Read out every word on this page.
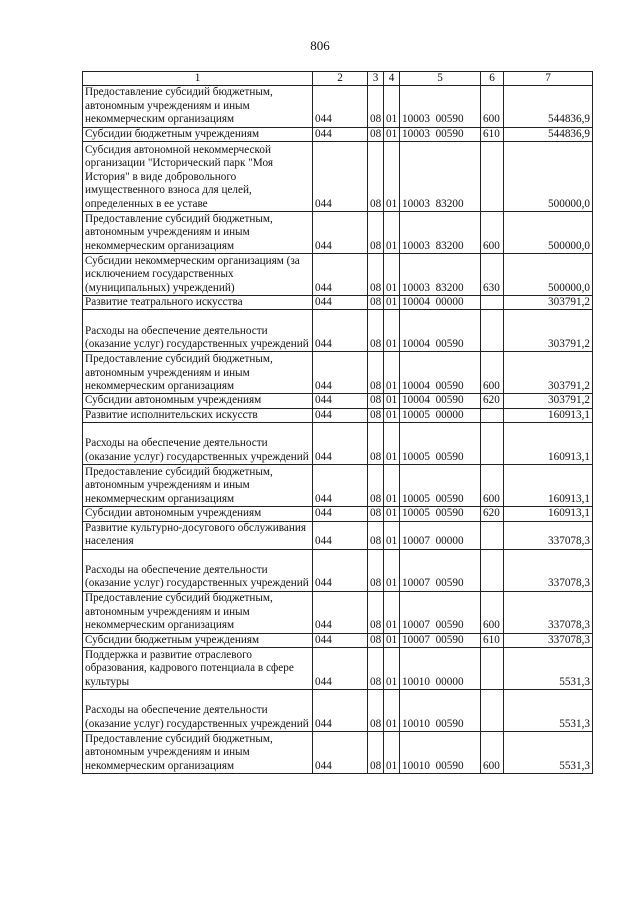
806
1	2	3	4	5	6	7
Предоставление субсидий бюджетным, автономным учреждениям и иным некоммерческим организациям	044	08	01	10003  00590	600	544836,9
Субсидии бюджетным учреждениям	044	08	01	10003  00590	610	544836,9
Субсидия автономной некоммерческой организации "Исторический парк "Моя История" в виде добровольного имущественного взноса для целей, определенных в ее уставе	044	08	01	10003  83200		500000,0
Предоставление субсидий бюджетным, автономным учреждениям и иным некоммерческим организациям	044	08	01	10003  83200	600	500000,0
Субсидии некоммерческим организациям (за исключением государственных (муниципальных) учреждений)	044	08	01	10003  83200	630	500000,0
Развитие театрального искусства	044	08	01	10004  00000		303791,2
Расходы на обеспечение деятельности (оказание услуг) государственных учреждений	044	08	01	10004  00590		303791,2
Предоставление субсидий бюджетным, автономным учреждениям и иным некоммерческим организациям	044	08	01	10004  00590	600	303791,2
Субсидии автономным учреждениям	044	08	01	10004  00590	620	303791,2
Развитие исполнительских искусств	044	08	01	10005  00000		160913,1
Расходы на обеспечение деятельности (оказание услуг) государственных учреждений	044	08	01	10005  00590		160913,1
Предоставление субсидий бюджетным, автономным учреждениям и иным некоммерческим организациям	044	08	01	10005  00590	600	160913,1
Субсидии автономным учреждениям	044	08	01	10005  00590	620	160913,1
Развитие культурно-досугового обслуживания населения	044	08	01	10007  00000		337078,3
Расходы на обеспечение деятельности (оказание услуг) государственных учреждений	044	08	01	10007  00590		337078,3
Предоставление субсидий бюджетным, автономным учреждениям и иным некоммерческим организациям	044	08	01	10007  00590	600	337078,3
Субсидии бюджетным учреждениям	044	08	01	10007  00590	610	337078,3
Поддержка и развитие отраслевого образования, кадрового потенциала в сфере культуры	044	08	01	10010  00000		5531,3
Расходы на обеспечение деятельности (оказание услуг) государственных учреждений	044	08	01	10010  00590		5531,3
Предоставление субсидий бюджетным, автономным учреждениям и иным некоммерческим организациям	044	08	01	10010  00590	600	5531,3
